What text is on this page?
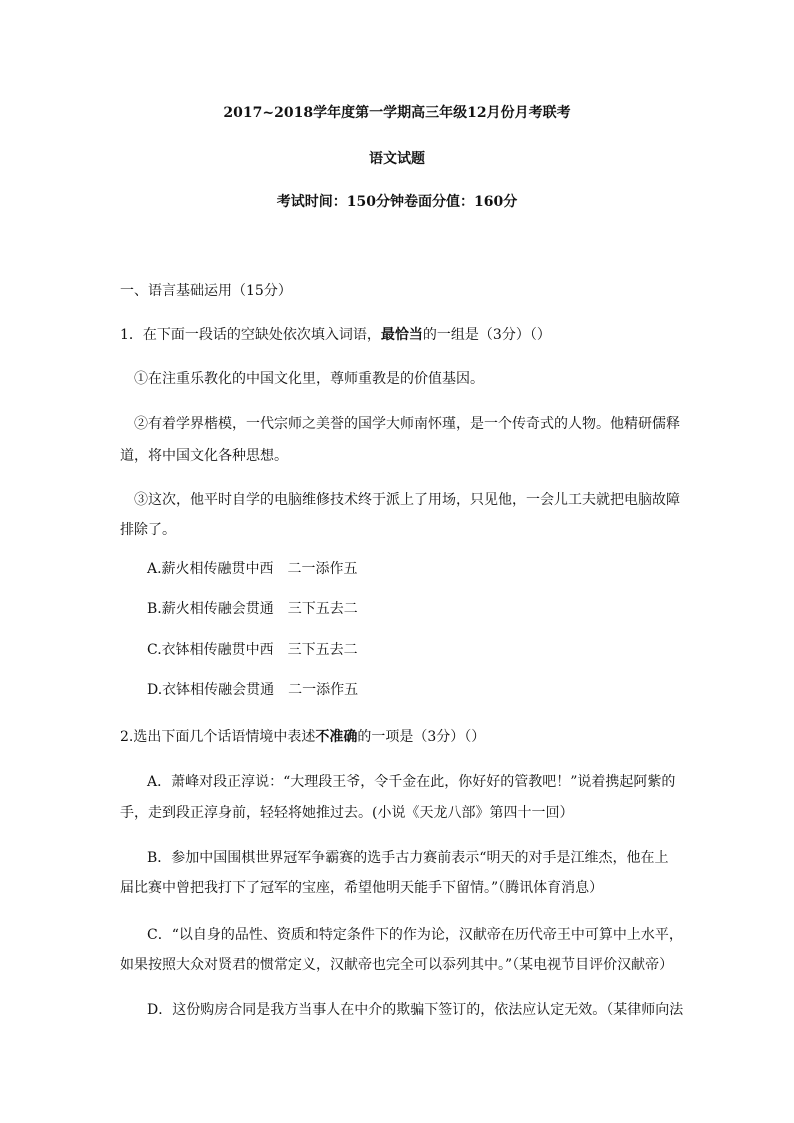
2017~2018学年度第一学期高三年级12月份月考联考
语文试题
考试时间：150分钟卷面分值：160分
一、语言基础运用（15分）
1．在下面一段话的空缺处依次填入词语，最恰当的一组是（3分）（）
①在注重乐教化的中国文化里，尊师重教是的价值基因。
②有着学界楷模，一代宗师之美誉的国学大师南怀瑾，是一个传奇式的人物。他精研儒释
道，将中国文化各种思想。
③这次，他平时自学的电脑维修技术终于派上了用场，只见他，一会儿工夫就把电脑故障
排除了。
A.薪火相传融贯中西　二一添作五
B.薪火相传融会贯通　三下五去二
C.衣钵相传融贯中西　三下五去二
D.衣钵相传融会贯通　二一添作五
2.选出下面几个话语情境中表述不准确的一项是（3分）（）
A．萧峰对段正淳说：“大理段王爷，令千金在此，你好好的管教吧！”说着携起阿紫的
手，走到段正淳身前，轻轻将她推过去。(小说《天龙八部》第四十一回）
B．参加中国围棋世界冠军争霸赛的选手古力赛前表示“明天的对手是江维杰，他在上
届比赛中曾把我打下了冠军的宝座，希望他明天能手下留情。”（腾讯体育消息）
C．“以自身的品性、资质和特定条件下的作为论，汉献帝在历代帝王中可算中上水平，
如果按照大众对贤君的惯常定义，汉献帝也完全可以忝列其中。”（某电视节目评价汉献帝）
D．这份购房合同是我方当事人在中介的欺骗下签订的，依法应认定无效。（某律师向法
